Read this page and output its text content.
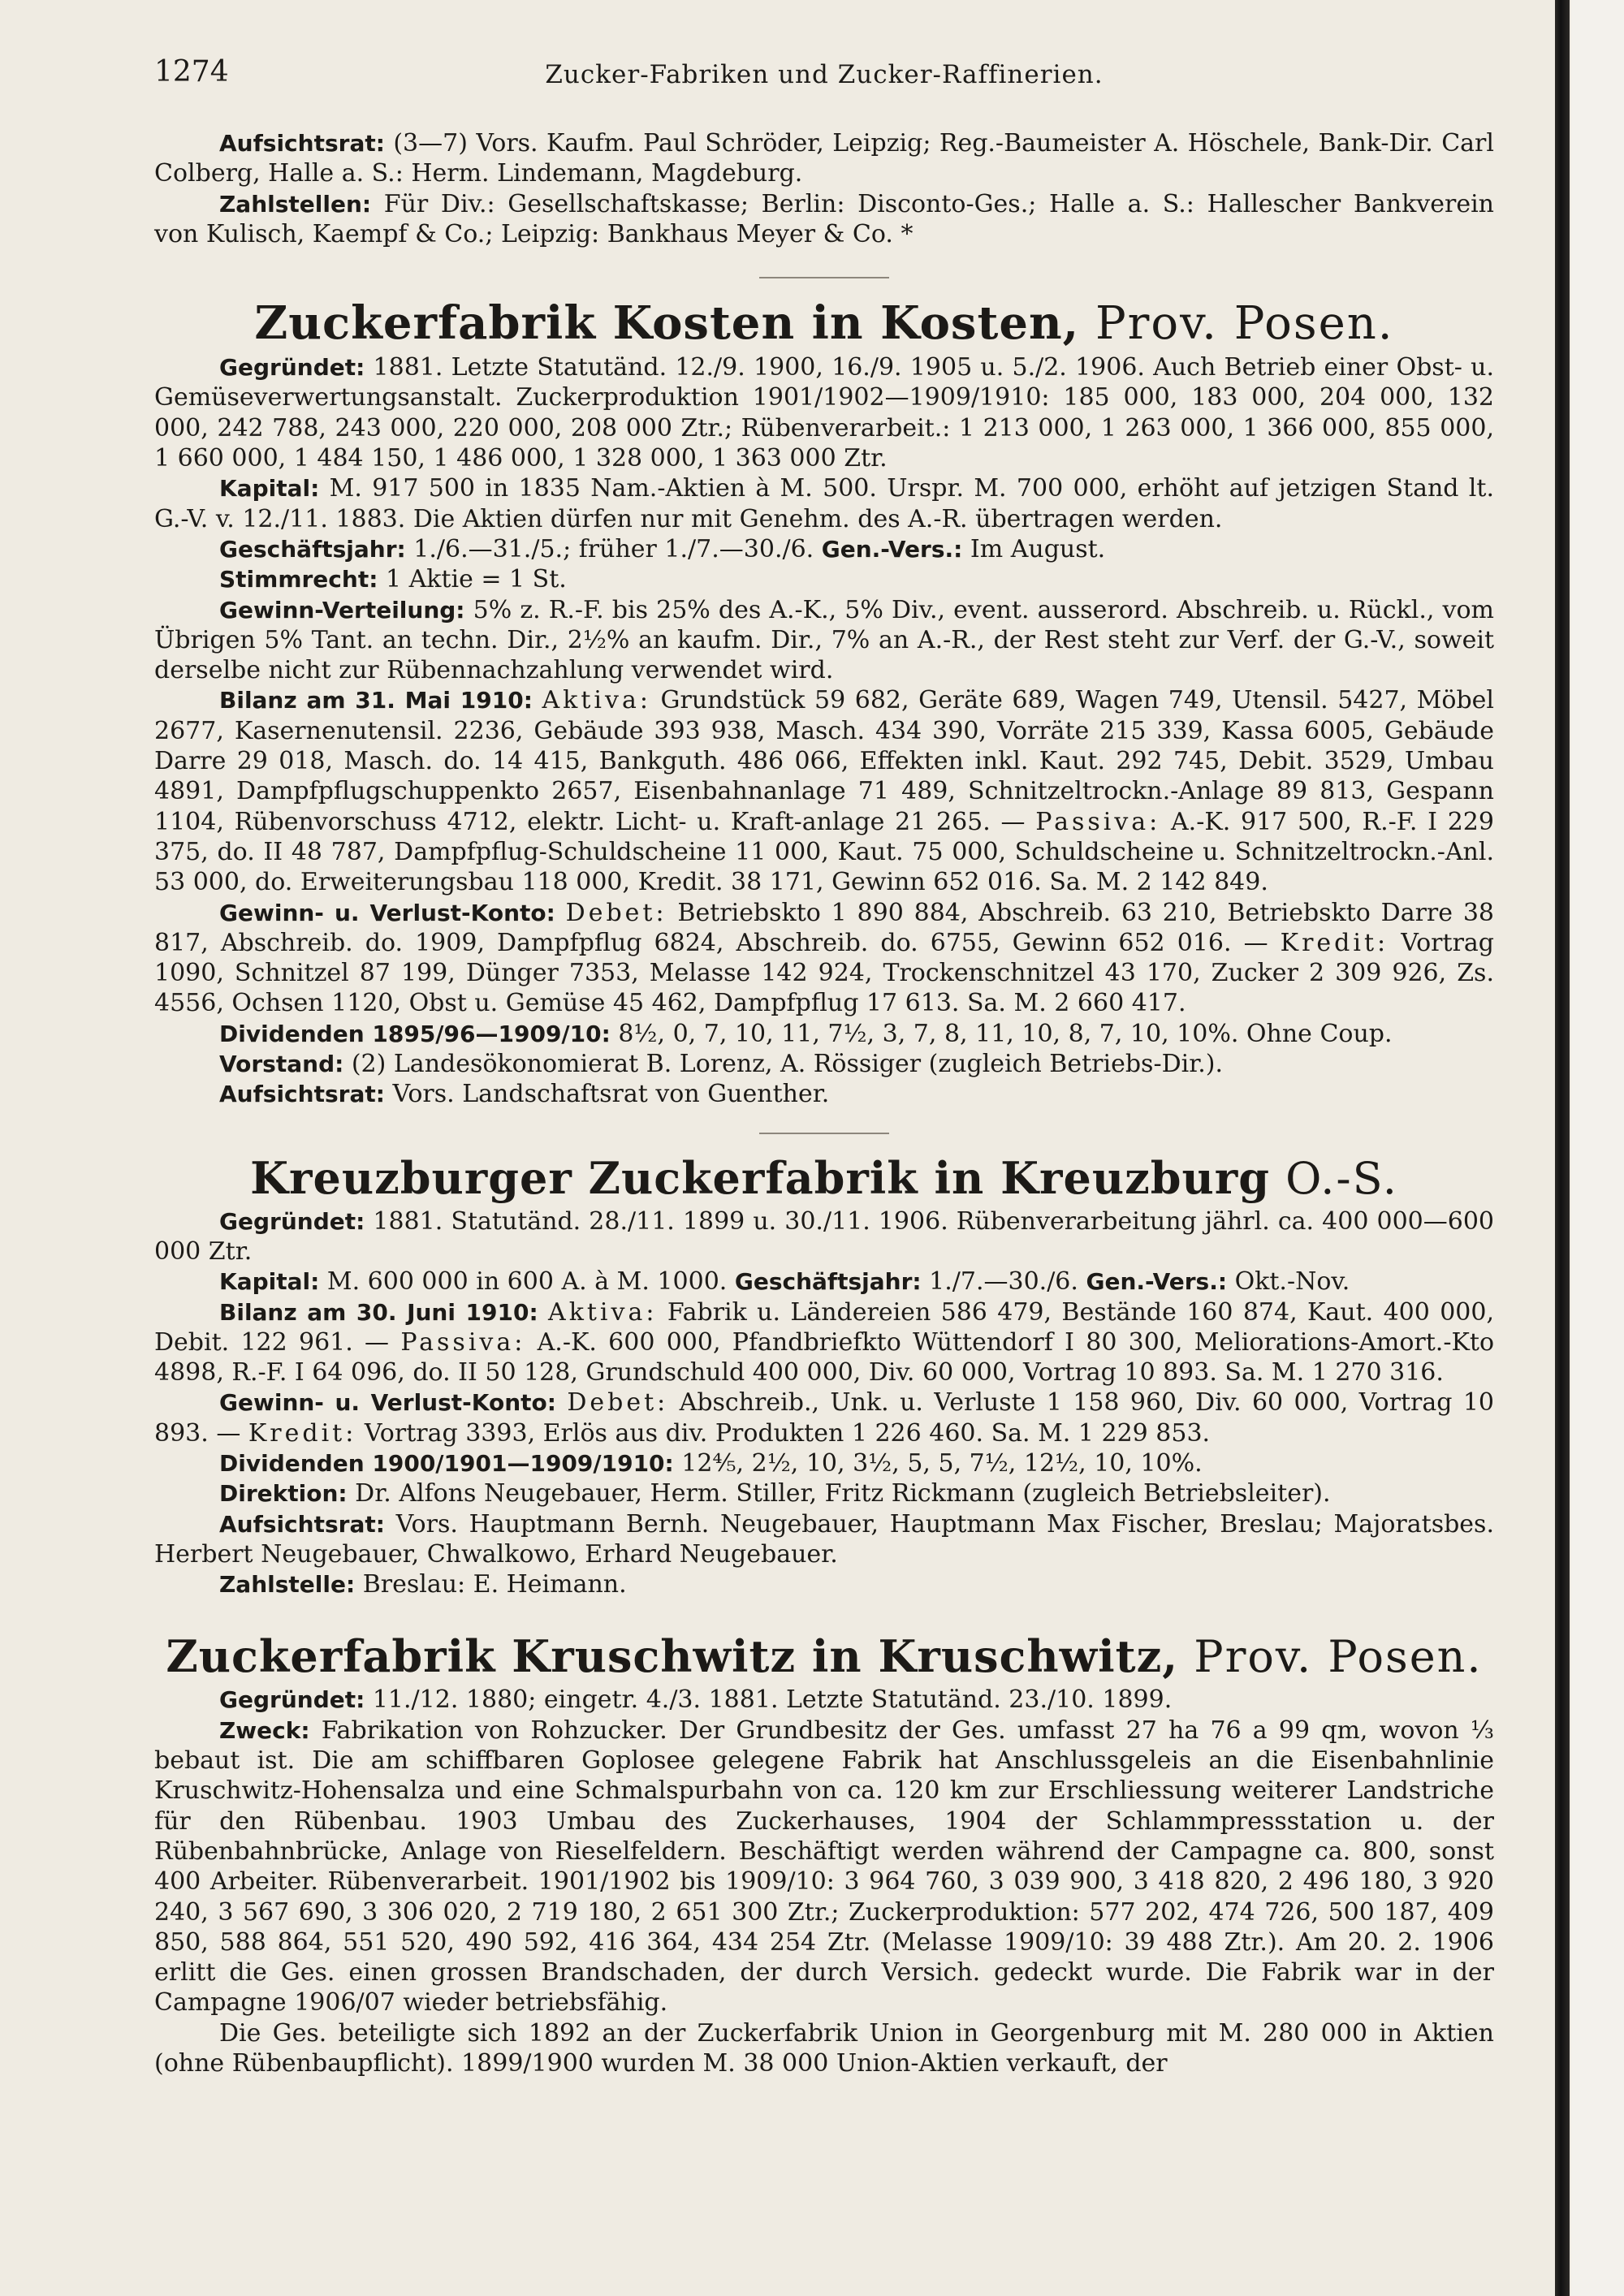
1274	Zucker-Fabriken und Zucker-Raffinerien.

Aufsichtsrat: (3—7) Vors. Kaufm. Paul Schröder, Leipzig; Reg.-Baumeister A. Höschele, Bank-Dir. Carl Colberg, Halle a. S.: Herm. Lindemann, Magdeburg.

Zahlstellen: Für Div.: Gesellschaftskasse; Berlin: Disconto-Ges.; Halle a. S.: Hallescher Bankverein von Kulisch, Kaempf & Co.; Leipzig: Bankhaus Meyer & Co. *

Zuckerfabrik Kosten in Kosten, Prov. Posen.

Gegründet: 1881. Letzte Statutänd. 12./9. 1900, 16./9. 1905 u. 5./2. 1906. Auch Betrieb einer Obst- u. Gemüseverwertungsanstalt. Zuckerproduktion 1901/1902—1909/1910: 185 000, 183 000, 204 000, 132 000, 242 788, 243 000, 220 000, 208 000 Ztr.; Rübenverarbeit.: 1 213 000, 1 263 000, 1 366 000, 855 000, 1 660 000, 1 484 150, 1 486 000, 1 328 000, 1 363 000 Ztr.

Kapital: M. 917 500 in 1835 Nam.-Aktien à M. 500. Urspr. M. 700 000, erhöht auf jetzigen Stand lt. G.-V. v. 12./11. 1883. Die Aktien dürfen nur mit Genehm. des A.-R. übertragen werden.

Geschäftsjahr: 1./6.—31./5.; früher 1./7.—30./6. Gen.-Vers.: Im August.

Stimmrecht: 1 Aktie = 1 St.

Gewinn-Verteilung: 5% z. R.-F. bis 25% des A.-K., 5% Div., event. ausserord. Abschreib. u. Rückl., vom Übrigen 5% Tant. an techn. Dir., 2½% an kaufm. Dir., 7% an A.-R., der Rest steht zur Verf. der G.-V., soweit derselbe nicht zur Rübennachzahlung verwendet wird.

Bilanz am 31. Mai 1910: Aktiva: Grundstück 59 682, Geräte 689, Wagen 749, Utensil. 5427, Möbel 2677, Kasernenutensil. 2236, Gebäude 393 938, Masch. 434 390, Vorräte 215 339, Kassa 6005, Gebäude Darre 29 018, Masch. do. 14 415, Bankguth. 486 066, Effekten inkl. Kaut. 292 745, Debit. 3529, Umbau 4891, Dampfpflugschuppenkto 2657, Eisenbahnanlage 71 489, Schnitzeltrockn.-Anlage 89 813, Gespann 1104, Rübenvorschuss 4712, elektr. Licht- u. Kraft-anlage 21 265. — Passiva: A.-K. 917 500, R.-F. I 229 375, do. II 48 787, Dampfpflug-Schuldscheine 11 000, Kaut. 75 000, Schuldscheine u. Schnitzeltrockn.-Anl. 53 000, do. Erweiterungsbau 118 000, Kredit. 38 171, Gewinn 652 016. Sa. M. 2 142 849.

Gewinn- u. Verlust-Konto: Debet: Betriebskto 1 890 884, Abschreib. 63 210, Betriebskto Darre 38 817, Abschreib. do. 1909, Dampfpflug 6824, Abschreib. do. 6755, Gewinn 652 016. — Kredit: Vortrag 1090, Schnitzel 87 199, Dünger 7353, Melasse 142 924, Trockenschnitzel 43 170, Zucker 2 309 926, Zs. 4556, Ochsen 1120, Obst u. Gemüse 45 462, Dampfpflug 17 613. Sa. M. 2 660 417.

Dividenden 1895/96—1909/10: 8½, 0, 7, 10, 11, 7½, 3, 7, 8, 11, 10, 8, 7, 10, 10%. Ohne Coup.

Vorstand: (2) Landesökonomierat B. Lorenz, A. Rössiger (zugleich Betriebs-Dir.).

Aufsichtsrat: Vors. Landschaftsrat von Guenther.

Kreuzburger Zuckerfabrik in Kreuzburg O.-S.

Gegründet: 1881. Statutänd. 28./11. 1899 u. 30./11. 1906. Rübenverarbeitung jährl. ca. 400 000—600 000 Ztr.

Kapital: M. 600 000 in 600 A. à M. 1000. Geschäftsjahr: 1./7.—30./6. Gen.-Vers.: Okt.-Nov.

Bilanz am 30. Juni 1910: Aktiva: Fabrik u. Ländereien 586 479, Bestände 160 874, Kaut. 400 000, Debit. 122 961. — Passiva: A.-K. 600 000, Pfandbriefkto Wüttendorf I 80 300, Meliorations-Amort.-Kto 4898, R.-F. I 64 096, do. II 50 128, Grundschuld 400 000, Div. 60 000, Vortrag 10 893. Sa. M. 1 270 316.

Gewinn- u. Verlust-Konto: Debet: Abschreib., Unk. u. Verluste 1 158 960, Div. 60 000, Vortrag 10 893. — Kredit: Vortrag 3393, Erlös aus div. Produkten 1 226 460. Sa. M. 1 229 853.

Dividenden 1900/1901—1909/1910: 12⅘, 2½, 10, 3½, 5, 5, 7½, 12½, 10, 10%.

Direktion: Dr. Alfons Neugebauer, Herm. Stiller, Fritz Rickmann (zugleich Betriebsleiter).

Aufsichtsrat: Vors. Hauptmann Bernh. Neugebauer, Hauptmann Max Fischer, Breslau; Majoratsbes. Herbert Neugebauer, Chwalkowo, Erhard Neugebauer.

Zahlstelle: Breslau: E. Heimann.

Zuckerfabrik Kruschwitz in Kruschwitz, Prov. Posen.

Gegründet: 11./12. 1880; eingetr. 4./3. 1881. Letzte Statutänd. 23./10. 1899.

Zweck: Fabrikation von Rohzucker. Der Grundbesitz der Ges. umfasst 27 ha 76 a 99 qm, wovon ⅓ bebaut ist. Die am schiffbaren Goplosee gelegene Fabrik hat Anschlussgeleis an die Eisenbahnlinie Kruschwitz-Hohensalza und eine Schmalspurbahn von ca. 120 km zur Erschliessung weiterer Landstriche für den Rübenbau. 1903 Umbau des Zuckerhauses, 1904 der Schlammpressstation u. der Rübenbahnbrücke, Anlage von Rieselfeldern. Beschäftigt werden während der Campagne ca. 800, sonst 400 Arbeiter. Rübenverarbeit. 1901/1902 bis 1909/10: 3 964 760, 3 039 900, 3 418 820, 2 496 180, 3 920 240, 3 567 690, 3 306 020, 2 719 180, 2 651 300 Ztr.; Zuckerproduktion: 577 202, 474 726, 500 187, 409 850, 588 864, 551 520, 490 592, 416 364, 434 254 Ztr. (Melasse 1909/10: 39 488 Ztr.). Am 20. 2. 1906 erlitt die Ges. einen grossen Brandschaden, der durch Versich. gedeckt wurde. Die Fabrik war in der Campagne 1906/07 wieder betriebsfähig.

Die Ges. beteiligte sich 1892 an der Zuckerfabrik Union in Georgenburg mit M. 280 000 in Aktien (ohne Rübenbaupflicht). 1899/1900 wurden M. 38 000 Union-Aktien verkauft, der
